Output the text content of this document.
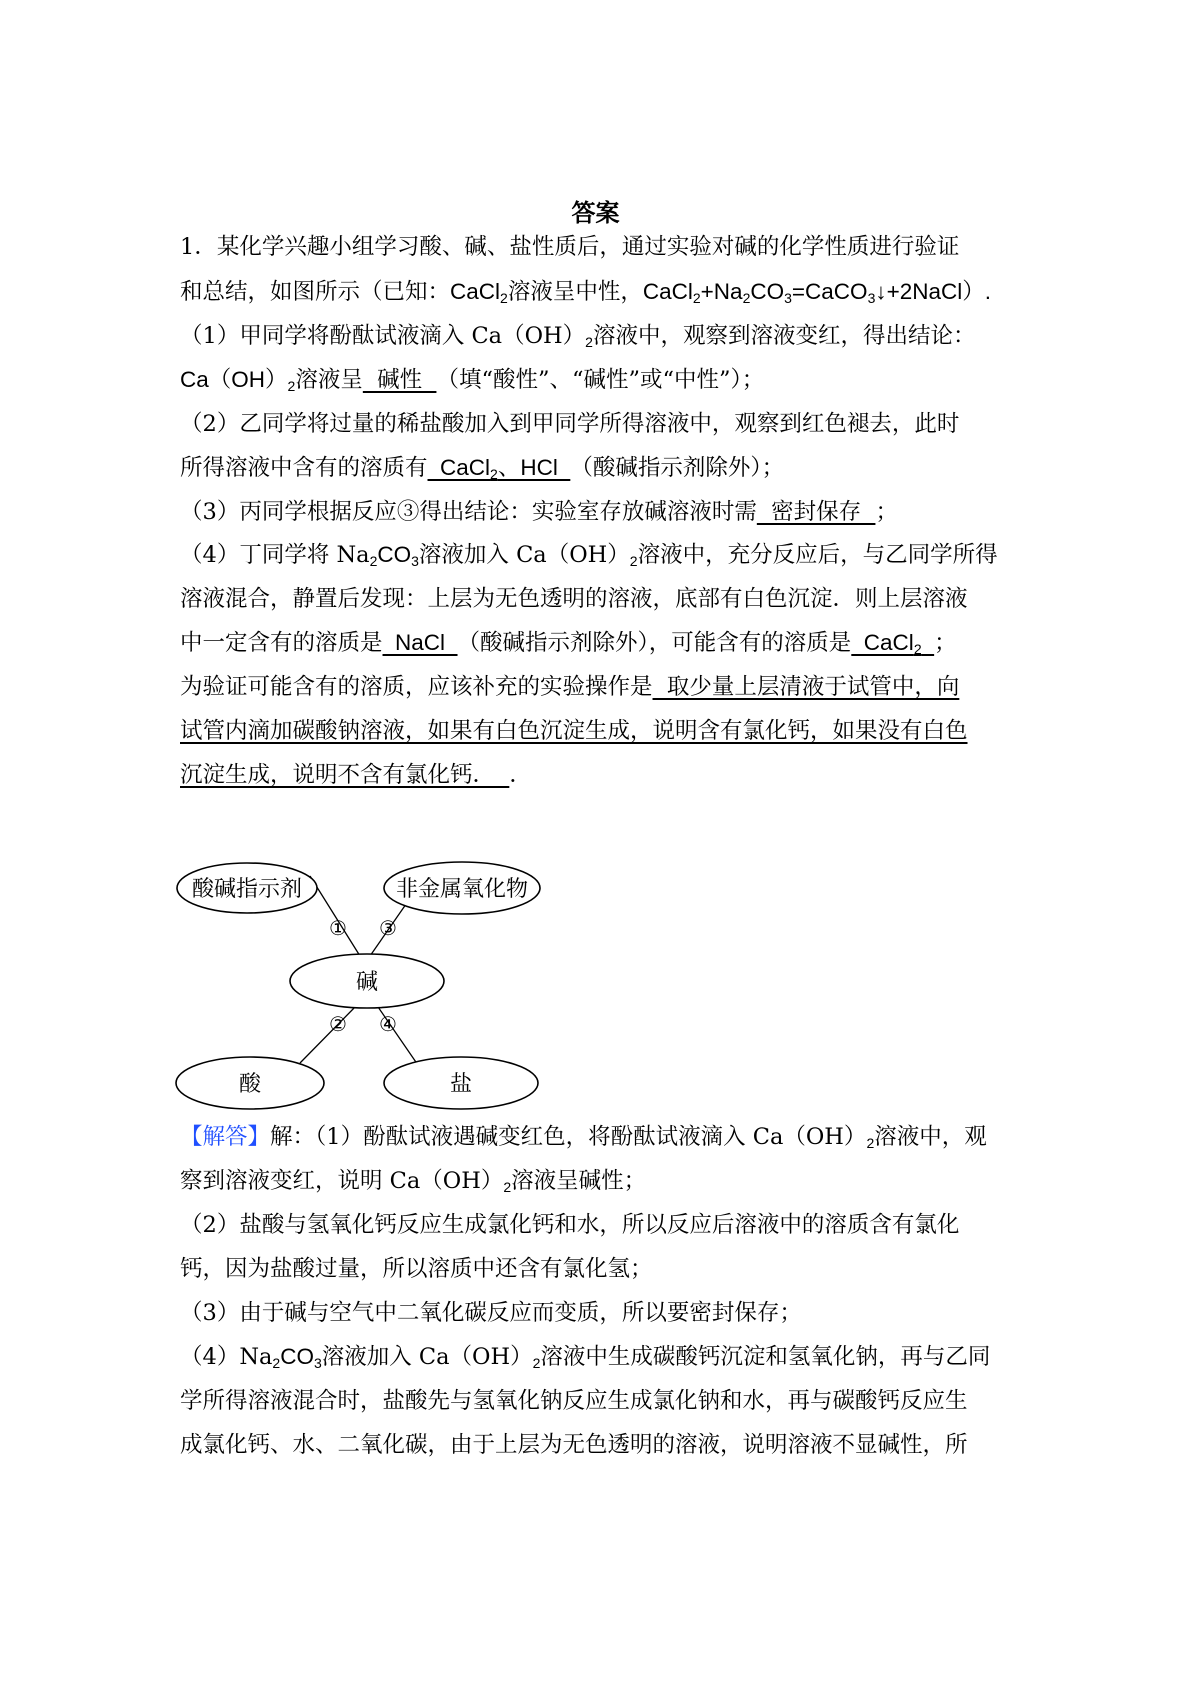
答案
1．某化学兴趣小组学习酸、碱、盐性质后，通过实验对碱的化学性质进行验证
和总结，如图所示（已知：CaCl$_2$溶液呈中性，$CaCl_2+Na_2CO_3=CaCO_3↓+2NaCl$）.
（1）甲同学将酚酞试液滴入 $Ca(OH)_2$溶液中，观察到溶液变红，得出结论：
$Ca(OH)_2$溶液呈  碱性  （填“酸性”、“碱性”或“中性”）；
（2）乙同学将过量的稀盐酸加入到甲同学所得溶液中，观察到红色褪去，此时
所得溶液中含有的溶质有  CaCl$_2$、HCl  （酸碱指示剂除外）；
（3）丙同学根据反应③得出结论：实验室存放碱溶液时需  密封保存  ；
（4）丁同学将 $Na_2CO_3$溶液加入 $Ca(OH)_2$溶液中，充分反应后，与乙同学所得
溶液混合，静置后发现：上层为无色透明的溶液，底部有白色沉淀．则上层溶液
中一定含有的溶质是  NaCl  （酸碱指示剂除外），可能含有的溶质是  CaCl$_2$ ；
为验证可能含有的溶质，应该补充的实验操作是  取少量上层清液于试管中，向
试管内滴加碳酸钠溶液，如果有白色沉淀生成，说明含有氯化钙，如果没有白色
沉淀生成，说明不含有氯化钙．  ．
酸碱指示剂	非金属氧化物
碱
酸	盐
① ③
② ④
【解答】解：（1）酚酞试液遇碱变红色，将酚酞试液滴入 $Ca(OH)_2$溶液中，观
察到溶液变红，说明 $Ca(OH)_2$溶液呈碱性；
（2）盐酸与氢氧化钙反应生成氯化钙和水，所以反应后溶液中的溶质含有氯化
钙，因为盐酸过量，所以溶质中还含有氯化氢；
（3）由于碱与空气中二氧化碳反应而变质，所以要密封保存；
$(4)Na_2CO_3$溶液加入 $Ca(OH)_2$溶液中生成碳酸钙沉淀和氢氧化钠，再与乙同
学所得溶液混合时，盐酸先与氢氧化钠反应生成氯化钠和水，再与碳酸钙反应生
成氯化钙、水、二氧化碳，由于上层为无色透明的溶液，说明溶液不显碱性，所
